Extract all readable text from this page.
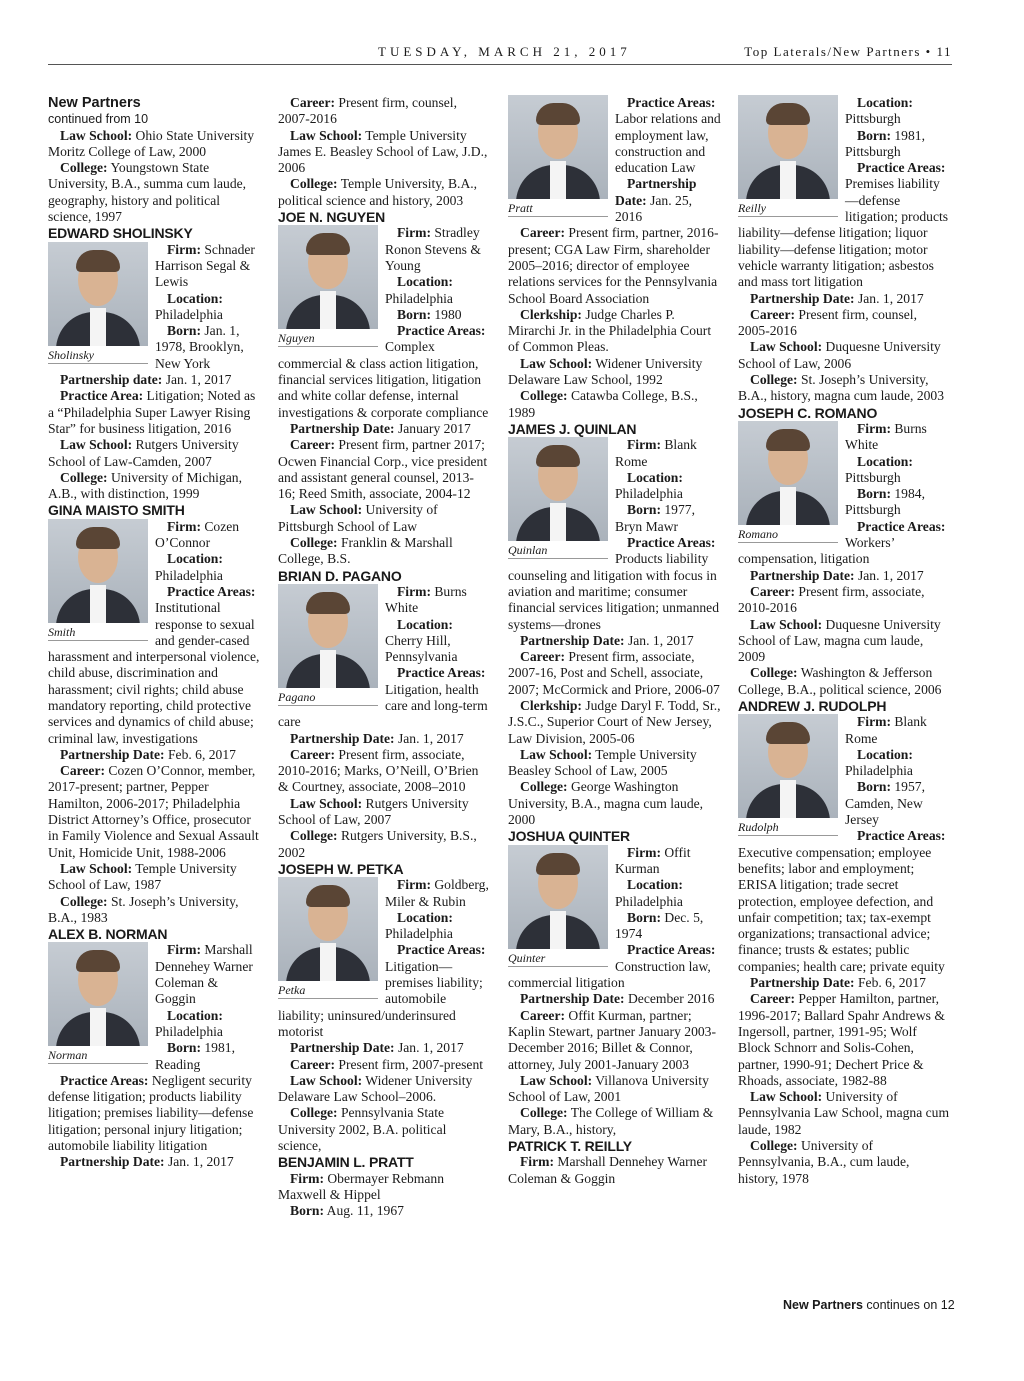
TUESDAY, MARCH 21, 2017	Top Laterals/New Partners • 11

New Partners

continued from 10

Law School: Ohio State University Moritz College of Law, 2000

College: Youngstown State University, B.A., summa cum laude, geography, history and political science, 1997

EDWARD SHOLINSKY

Sholinsky

Firm: Schnader Harrison Segal & Lewis

Location: Philadelphia

Born: Jan. 1, 1978, Brooklyn, New York

Partnership date: Jan. 1, 2017

Practice Area: Litigation; Noted as a “Philadelphia Super Lawyer Rising Star” for business litigation, 2016

Law School: Rutgers University School of Law-Camden, 2007

College: University of Michigan, A.B., with distinction, 1999

GINA MAISTO SMITH

Smith

Firm: Cozen O’Connor

Location: Philadelphia

Practice Areas: Institutional response to sexual and gender-cased harassment and interpersonal violence, child abuse, discrimination and harassment; civil rights; child abuse mandatory reporting, child protective services and dynamics of child abuse; criminal law, investigations

Partnership Date: Feb. 6, 2017

Career: Cozen O’Connor, member, 2017-present; partner, Pepper Hamilton, 2006-2017; Philadelphia District Attorney’s Office, prosecutor in Family Violence and Sexual Assault Unit, Homicide Unit, 1988-2006

Law School: Temple University School of Law, 1987

College: St. Joseph’s University, B.A., 1983

ALEX B. NORMAN

Norman

Firm: Marshall Dennehey Warner Coleman & Goggin

Location: Philadelphia

Born: 1981, Reading

Practice Areas: Negligent security defense litigation; products liability litigation; premises liability—defense litigation; personal injury litigation; automobile liability litigation

Partnership Date: Jan. 1, 2017

Career: Present firm, counsel, 2007-2016

Law School: Temple University James E. Beasley School of Law, J.D., 2006

College: Temple University, B.A., political science and history, 2003

JOE N. NGUYEN

Nguyen

Firm: Stradley Ronon Stevens & Young

Location: Philadelphia

Born: 1980

Practice Areas: Complex commercial & class action litigation, financial services litigation, litigation and white collar defense, internal investigations & corporate compliance

Partnership Date: January 2017

Career: Present firm, partner 2017; Ocwen Financial Corp., vice president and assistant general counsel, 2013-16; Reed Smith, associate, 2004-12

Law School: University of Pittsburgh School of Law

College: Franklin & Marshall College, B.S.

BRIAN D. PAGANO

Pagano

Firm: Burns White

Location: Cherry Hill, Pennsylvania

Practice Areas: Litigation, health care and long-term care

Partnership Date: Jan. 1, 2017

Career: Present firm, associate, 2010-2016; Marks, O’Neill, O’Brien & Courtney, associate, 2008–2010

Law School: Rutgers University School of Law, 2007

College: Rutgers University, B.S., 2002

JOSEPH W. PETKA

Petka

Firm: Goldberg, Miler & Rubin

Location: Philadelphia

Practice Areas: Litigation—premises liability; automobile liability; uninsured/underinsured motorist

Partnership Date: Jan. 1, 2017

Career: Present firm, 2007-present

Law School: Widener University Delaware Law School–2006.

College: Pennsylvania State University 2002, B.A. political science,

BENJAMIN L. PRATT

Firm: Obermayer Rebmann Maxwell & Hippel

Born: Aug. 11, 1967

Pratt

Practice Areas: Labor relations and employment law, construction and education Law

Partnership Date: Jan. 25, 2016

Career: Present firm, partner, 2016-present; CGA Law Firm, shareholder 2005–2016; director of employee relations services for the Pennsylvania School Board Association

Clerkship: Judge Charles P. Mirarchi Jr. in the Philadelphia Court of Common Pleas.

Law School: Widener University Delaware Law School, 1992

College: Catawba College, B.S., 1989

JAMES J. QUINLAN

Quinlan

Firm: Blank Rome

Location: Philadelphia

Born: 1977, Bryn Mawr

Practice Areas: Products liability counseling and litigation with focus in aviation and maritime; consumer financial services litigation; unmanned systems—drones

Partnership Date: Jan. 1, 2017

Career: Present firm, associate, 2007-16, Post and Schell, associate, 2007; McCormick and Priore, 2006-07

Clerkship: Judge Daryl F. Todd, Sr., J.S.C., Superior Court of New Jersey, Law Division, 2005-06

Law School: Temple University Beasley School of Law, 2005

College: George Washington University, B.A., magna cum laude, 2000

JOSHUA QUINTER

Quinter

Firm: Offit Kurman

Location: Philadelphia

Born: Dec. 5, 1974

Practice Areas: Construction law, commercial litigation

Partnership Date: December 2016

Career: Offit Kurman, partner; Kaplin Stewart, partner January 2003-December 2016; Billet & Connor, attorney, July 2001-January 2003

Law School: Villanova University School of Law, 2001

College: The College of William & Mary, B.A., history,

PATRICK T. REILLY

Firm: Marshall Dennehey Warner Coleman & Goggin

Reilly

Location: Pittsburgh

Born: 1981, Pittsburgh

Practice Areas: Premises liability—defense litigation; products liability—defense litigation; liquor liability—defense litigation; motor vehicle warranty litigation; asbestos and mass tort litigation

Partnership Date: Jan. 1, 2017

Career: Present firm, counsel, 2005-2016

Law School: Duquesne University School of Law, 2006

College: St. Joseph’s University, B.A., history, magna cum laude, 2003

JOSEPH C. ROMANO

Romano

Firm: Burns White

Location: Pittsburgh

Born: 1984, Pittsburgh

Practice Areas: Workers’ compensation, litigation

Partnership Date: Jan. 1, 2017

Career: Present firm, associate, 2010-2016

Law School: Duquesne University School of Law, magna cum laude, 2009

College: Washington & Jefferson College, B.A., political science, 2006

ANDREW J. RUDOLPH

Rudolph

Firm: Blank Rome

Location: Philadelphia

Born: 1957, Camden, New Jersey

Practice Areas: Executive compensation; employee benefits; labor and employment; ERISA litigation; trade secret protection, employee defection, and unfair competition; tax; tax-exempt organizations; transactional advice; finance; trusts & estates; public companies; health care; private equity

Partnership Date: Feb. 6, 2017

Career: Pepper Hamilton, partner, 1996-2017; Ballard Spahr Andrews & Ingersoll, partner, 1991-95; Wolf Block Schnorr and Solis-Cohen, partner, 1990-91; Dechert Price & Rhoads, associate, 1982-88

Law School: University of Pennsylvania Law School, magna cum laude, 1982

College: University of Pennsylvania, B.A., cum laude, history, 1978

New Partners continues on 12
